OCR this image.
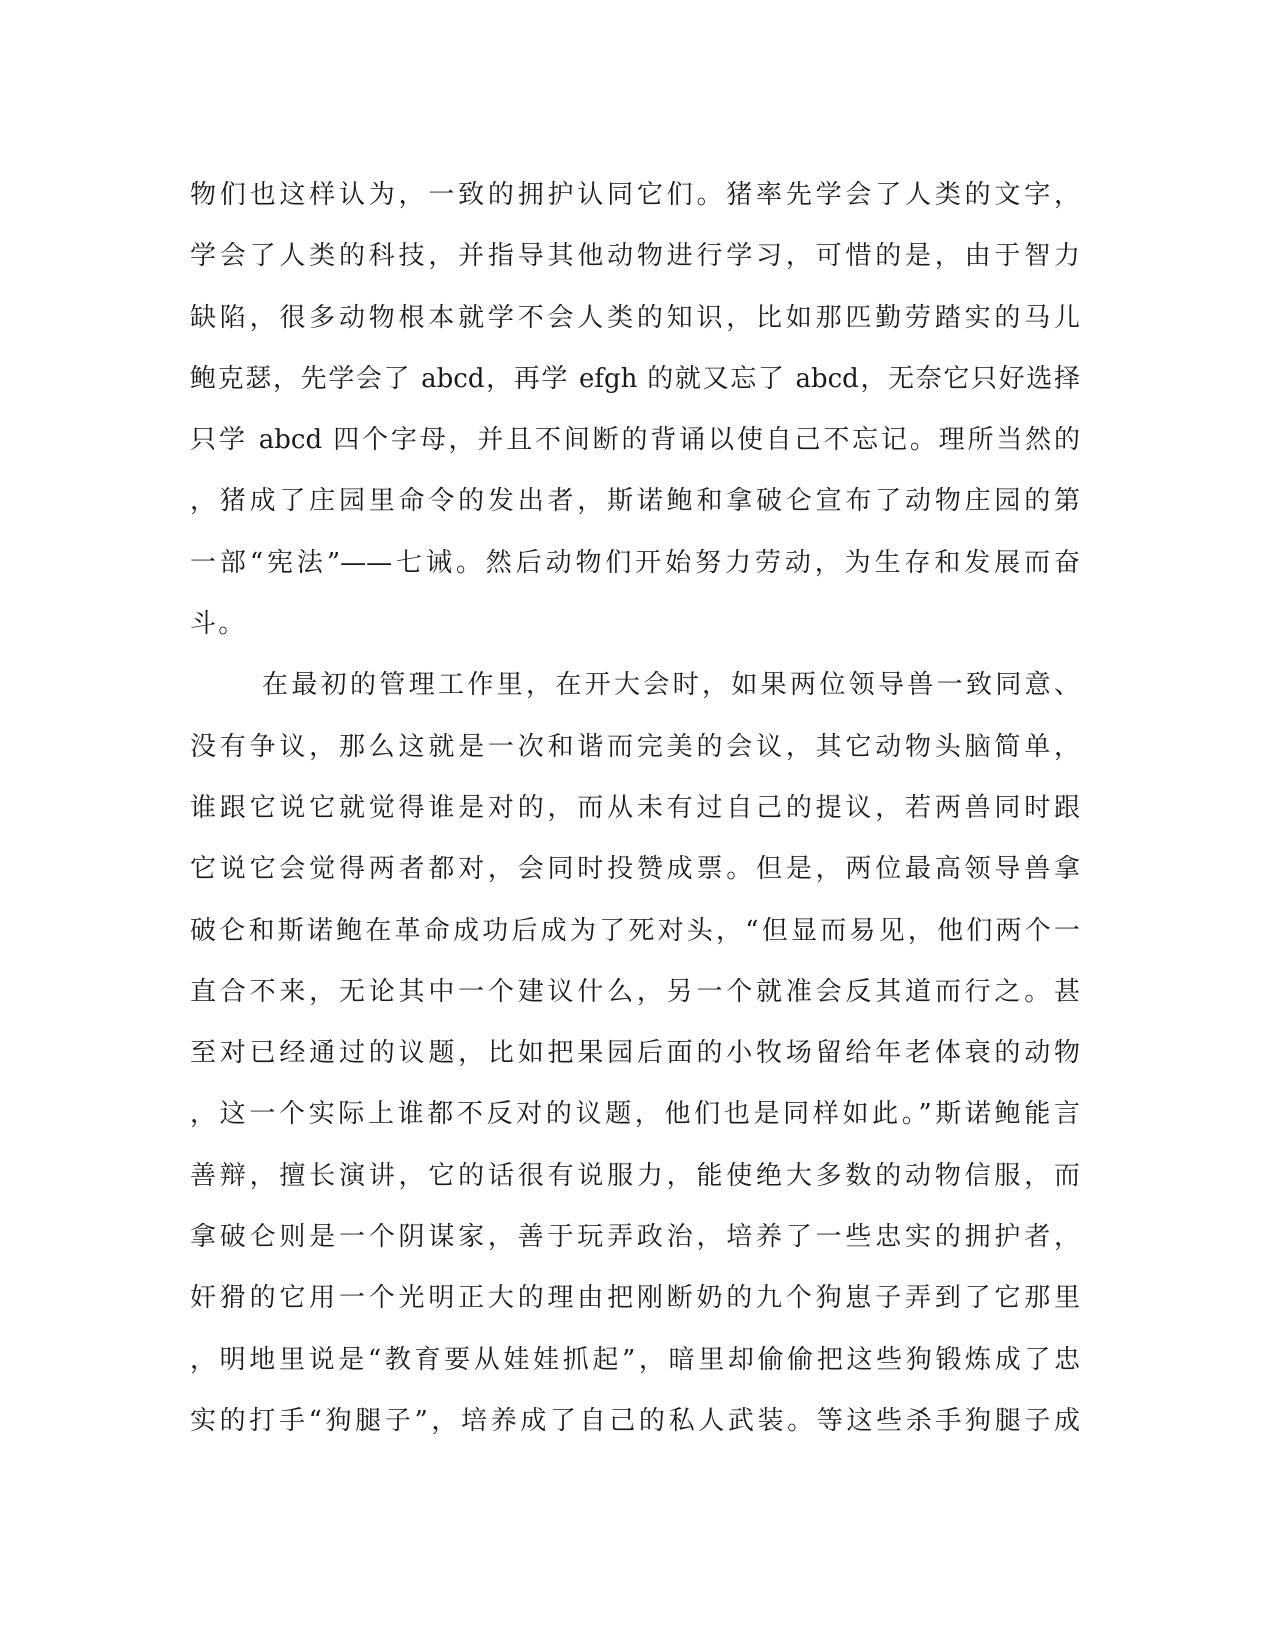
物们也这样认为，一致的拥护认同它们。猪率先学会了人类的文字，
学会了人类的科技，并指导其他动物进行学习，可惜的是，由于智力
缺陷，很多动物根本就学不会人类的知识，比如那匹勤劳踏实的马儿
鲍克瑟，先学会了 abcd，再学 efgh 的就又忘了 abcd，无奈它只好选择
只学 abcd 四个字母，并且不间断的背诵以使自己不忘记。理所当然的
，猪成了庄园里命令的发出者，斯诺鲍和拿破仑宣布了动物庄园的第
一部“宪法”——七诫。然后动物们开始努力劳动，为生存和发展而奋
斗。
在最初的管理工作里，在开大会时，如果两位领导兽一致同意、
没有争议，那么这就是一次和谐而完美的会议，其它动物头脑简单，
谁跟它说它就觉得谁是对的，而从未有过自己的提议，若两兽同时跟
它说它会觉得两者都对，会同时投赞成票。但是，两位最高领导兽拿
破仑和斯诺鲍在革命成功后成为了死对头，“但显而易见，他们两个一
直合不来，无论其中一个建议什么，另一个就准会反其道而行之。甚
至对已经通过的议题，比如把果园后面的小牧场留给年老体衰的动物
，这一个实际上谁都不反对的议题，他们也是同样如此。”斯诺鲍能言
善辩，擅长演讲，它的话很有说服力，能使绝大多数的动物信服，而
拿破仑则是一个阴谋家，善于玩弄政治，培养了一些忠实的拥护者，
奸猾的它用一个光明正大的理由把刚断奶的九个狗崽子弄到了它那里
，明地里说是“教育要从娃娃抓起”，暗里却偷偷把这些狗锻炼成了忠
实的打手“狗腿子”，培养成了自己的私人武装。等这些杀手狗腿子成
